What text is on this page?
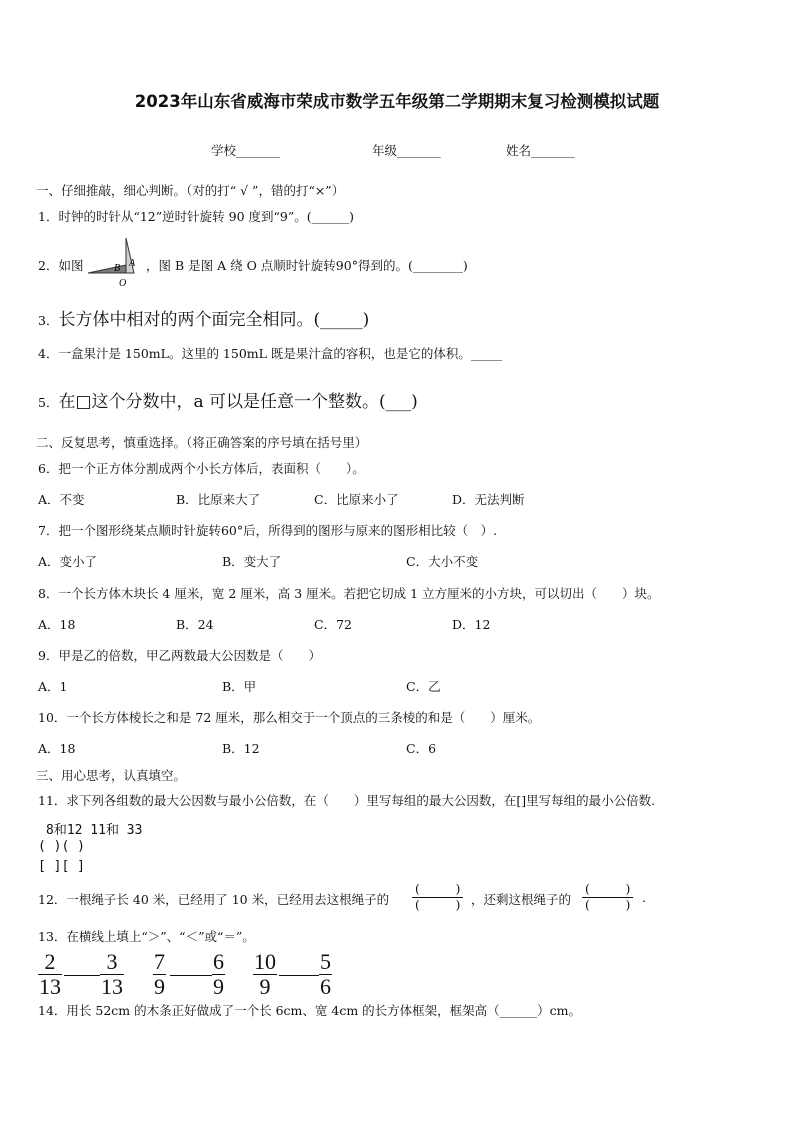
2023年山东省威海市荣成市数学五年级第二学期期末复习检测模拟试题
学校_______	年级_______	姓名_______
一、仔细推敲，细心判断。（对的打“ √ ”，错的打“×”）
1．时钟的时针从“12”逆时针旋转 90 度到“9”。(______)
2．如图	A
B
O
，图 B 是图 A 绕 O 点顺时针旋转90°得到的。(________)
3．长方体中相对的两个面完全相同。(_____)
4．一盒果汁是 150mL。这里的 150mL 既是果汁盒的容积，也是它的体积。_____
5．在□这个分数中，a 可以是任意一个整数。(___)
二、反复思考，慎重选择。（将正确答案的序号填在括号里）
6．把一个正方体分割成两个小长方体后，表面积（　　）。
A．不变	B．比原来大了	C．比原来小了	D．无法判断
7．把一个图形绕某点顺时针旋转60°后，所得到的图形与原来的图形相比较（　）.
A．变小了	B．变大了	C．大小不变
8．一个长方体木块长 4 厘米，宽 2 厘米，高 3 厘米。若把它切成 1 立方厘米的小方块，可以切出（　　）块。
A．18	B．24	C．72	D．12
9．甲是乙的倍数，甲乙两数最大公因数是（　　）
A．1	B．甲	C．乙
10．一个长方体棱长之和是 72 厘米，那么相交于一个顶点的三条棱的和是（　　）厘米。
A．18	B．12	C．6
三、用心思考，认真填空。
11．求下列各组数的最大公因数与最小公倍数，在（　　）里写每组的最大公因数，在[]里写每组的最小公倍数.
8和12 11和 33
( )( )
[ ][ ]
12．一根绳子长 40 米，已经用了 10 米，已经用去这根绳子的
(　　　)
(　　　) ，还剩这根绳子的
(　　　)
(　　　) .
13．在横线上填上“＞”、“＜”或“＝”。
$\frac{2}{13} \frac{3}{13} \frac{7}{9} \frac{6}{9} \frac{10}{9} \frac{5}{6}$
14．用长 52cm 的木条正好做成了一个长 6cm、宽 4cm 的长方体框架，框架高（______）cm。
